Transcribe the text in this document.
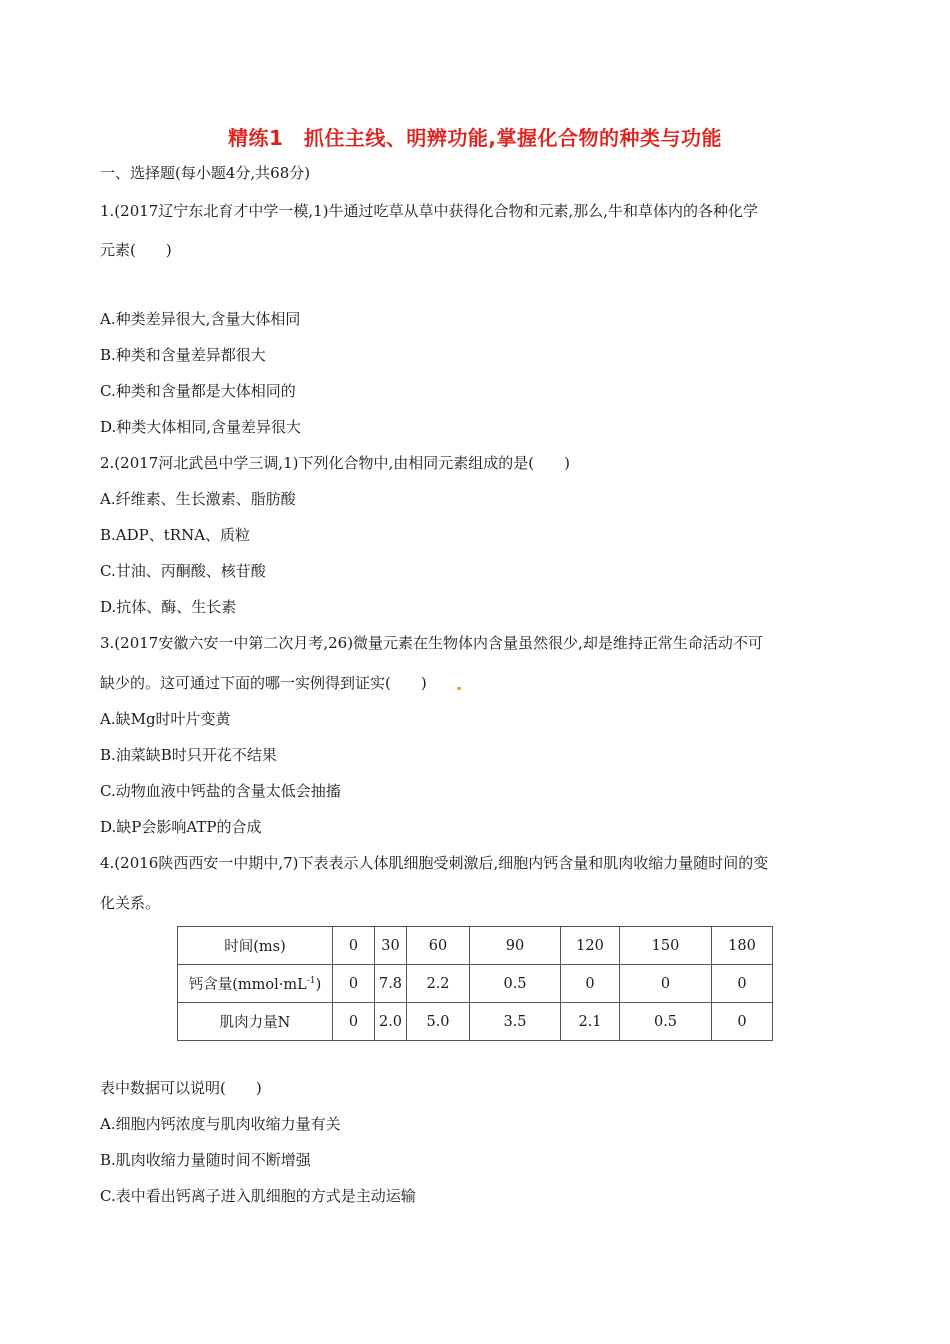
精练1　抓住主线、明辨功能,掌握化合物的种类与功能
一、选择题(每小题4分,共68分)
1.(2017辽宁东北育才中学一模,1)牛通过吃草从草中获得化合物和元素,那么,牛和草体内的各种化学
元素(　　)
A.种类差异很大,含量大体相同
B.种类和含量差异都很大
C.种类和含量都是大体相同的
D.种类大体相同,含量差异很大
2.(2017河北武邑中学三调,1)下列化合物中,由相同元素组成的是(　　)
A.纤维素、生长激素、脂肪酸
B.ADP、tRNA、质粒
C.甘油、丙酮酸、核苷酸
D.抗体、酶、生长素
3.(2017安徽六安一中第二次月考,26)微量元素在生物体内含量虽然很少,却是维持正常生命活动不可
缺少的。这可通过下面的哪一实例得到证实(　　)
A.缺Mg时叶片变黄
B.油菜缺B时只开花不结果
C.动物血液中钙盐的含量太低会抽搐
D.缺P会影响ATP的合成
4.(2016陕西西安一中期中,7)下表表示人体肌细胞受刺激后,细胞内钙含量和肌肉收缩力量随时间的变
化关系。
时间(ms)	0	30	60	90	120	150	180
钙含量$(mmol\cdot mL^{-1})$	0	7.8	2.2	0.5	0	0	0
肌肉力量N	0	2.0	5.0	3.5	2.1	0.5	0
表中数据可以说明(　　)
A.细胞内钙浓度与肌肉收缩力量有关
B.肌肉收缩力量随时间不断增强
C.表中看出钙离子进入肌细胞的方式是主动运输
